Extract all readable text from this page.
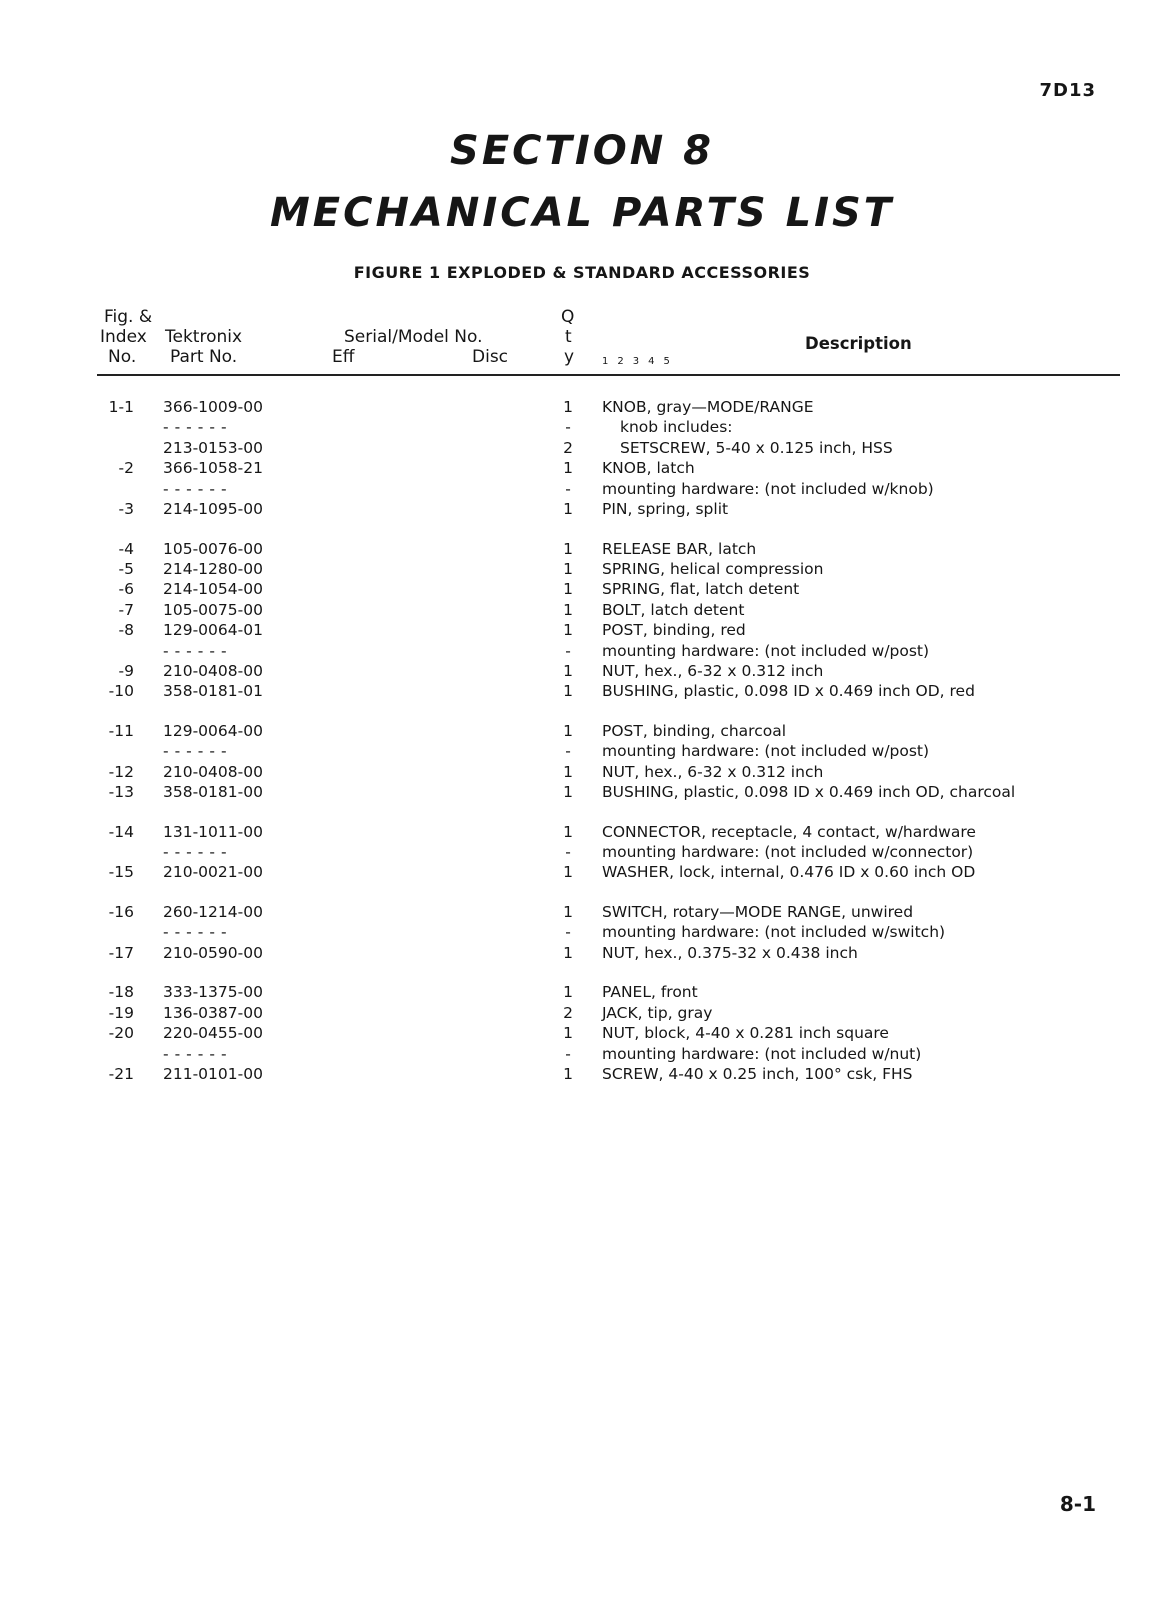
7D13
SECTION 8
MECHANICAL PARTS LIST
FIGURE 1 EXPLODED & STANDARD ACCESSORIES
Fig. &
Index
No.
Tektronix
Part No.
Serial/Model No.
Eff	Disc
Q
t
y	12345
Description
1-1 366-1009-00	1 KNOB, gray—MODE/RANGE
------	-	knob includes:
213-0153-00	2	SETSCREW, 5-40 x 0.125 inch, HSS
-2 366-1058-21	1 KNOB, latch
------	- mounting hardware: (not included w/knob)
-3 214-1095-00	1 PIN, spring, split
-4 105-0076-00	1 RELEASE BAR, latch
-5 214-1280-00	1 SPRING, helical compression
-6 214-1054-00	1 SPRING, flat, latch detent
-7 105-0075-00	1 BOLT, latch detent
-8 129-0064-01	1 POST, binding, red
------	- mounting hardware: (not included w/post)
-9 210-0408-00	1 NUT, hex., 6-32 x 0.312 inch
-10 358-0181-01	1 BUSHING, plastic, 0.098 ID x 0.469 inch OD, red
-11 129-0064-00	1 POST, binding, charcoal
------	- mounting hardware: (not included w/post)
-12 210-0408-00	1 NUT, hex., 6-32 x 0.312 inch
-13 358-0181-00	1 BUSHING, plastic, 0.098 ID x 0.469 inch OD, charcoal
-14 131-1011-00	1 CONNECTOR, receptacle, 4 contact, w/hardware
------	- mounting hardware: (not included w/connector)
-15 210-0021-00	1 WASHER, lock, internal, 0.476 ID x 0.60 inch OD
-16 260-1214-00	1 SWITCH, rotary—MODE RANGE, unwired
------	- mounting hardware: (not included w/switch)
-17 210-0590-00	1 NUT, hex., 0.375-32 x 0.438 inch
-18 333-1375-00	1 PANEL, front
-19 136-0387-00	2 JACK, tip, gray
-20 220-0455-00	1 NUT, block, 4-40 x 0.281 inch square
------	- mounting hardware: (not included w/nut)
-21 211-0101-00	1 SCREW, 4-40 x 0.25 inch, 100° csk, FHS
8-1
